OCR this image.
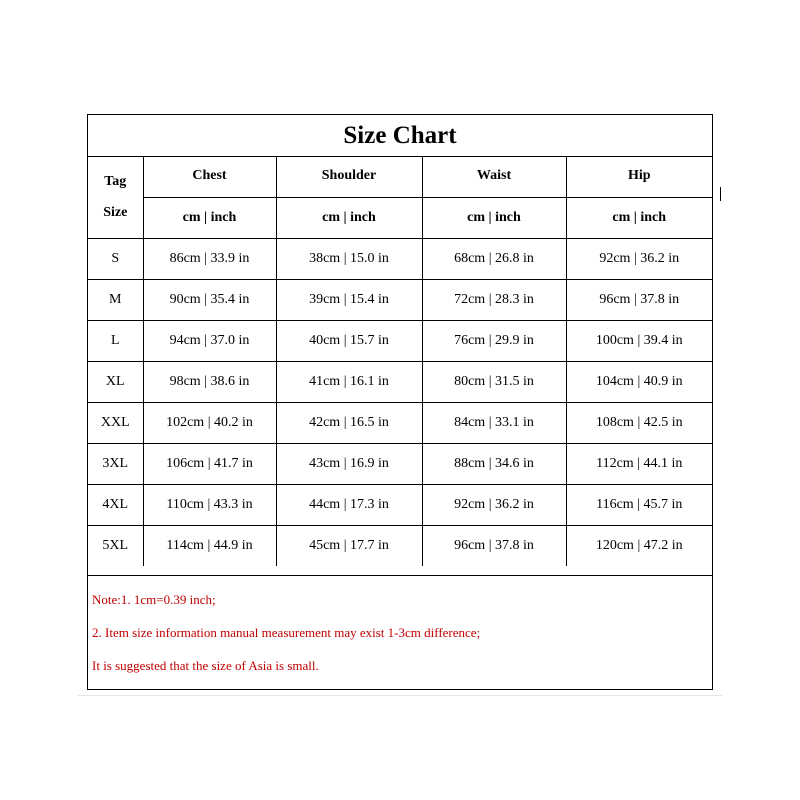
Size Chart
Tag
Size	Chest	Shoulder	Waist	Hip
	cm | inch	cm | inch	cm | inch	cm | inch
S	86cm | 33.9 in	38cm | 15.0 in	68cm | 26.8 in	92cm | 36.2 in
M	90cm | 35.4 in	39cm | 15.4 in	72cm | 28.3 in	96cm | 37.8 in
L	94cm | 37.0 in	40cm | 15.7 in	76cm | 29.9 in	100cm | 39.4 in
XL	98cm | 38.6 in	41cm | 16.1 in	80cm | 31.5 in	104cm | 40.9 in
XXL	102cm | 40.2 in	42cm | 16.5 in	84cm | 33.1 in	108cm | 42.5 in
3XL	106cm | 41.7 in	43cm | 16.9 in	88cm | 34.6 in	112cm | 44.1 in
4XL	110cm | 43.3 in	44cm | 17.3 in	92cm | 36.2 in	116cm | 45.7 in
5XL	114cm | 44.9 in	45cm | 17.7 in	96cm | 37.8 in	120cm | 47.2 in
Note:1. 1cm=0.39 inch;
2. Item size information manual measurement may exist 1-3cm difference;
It is suggested that the size of Asia is small.
